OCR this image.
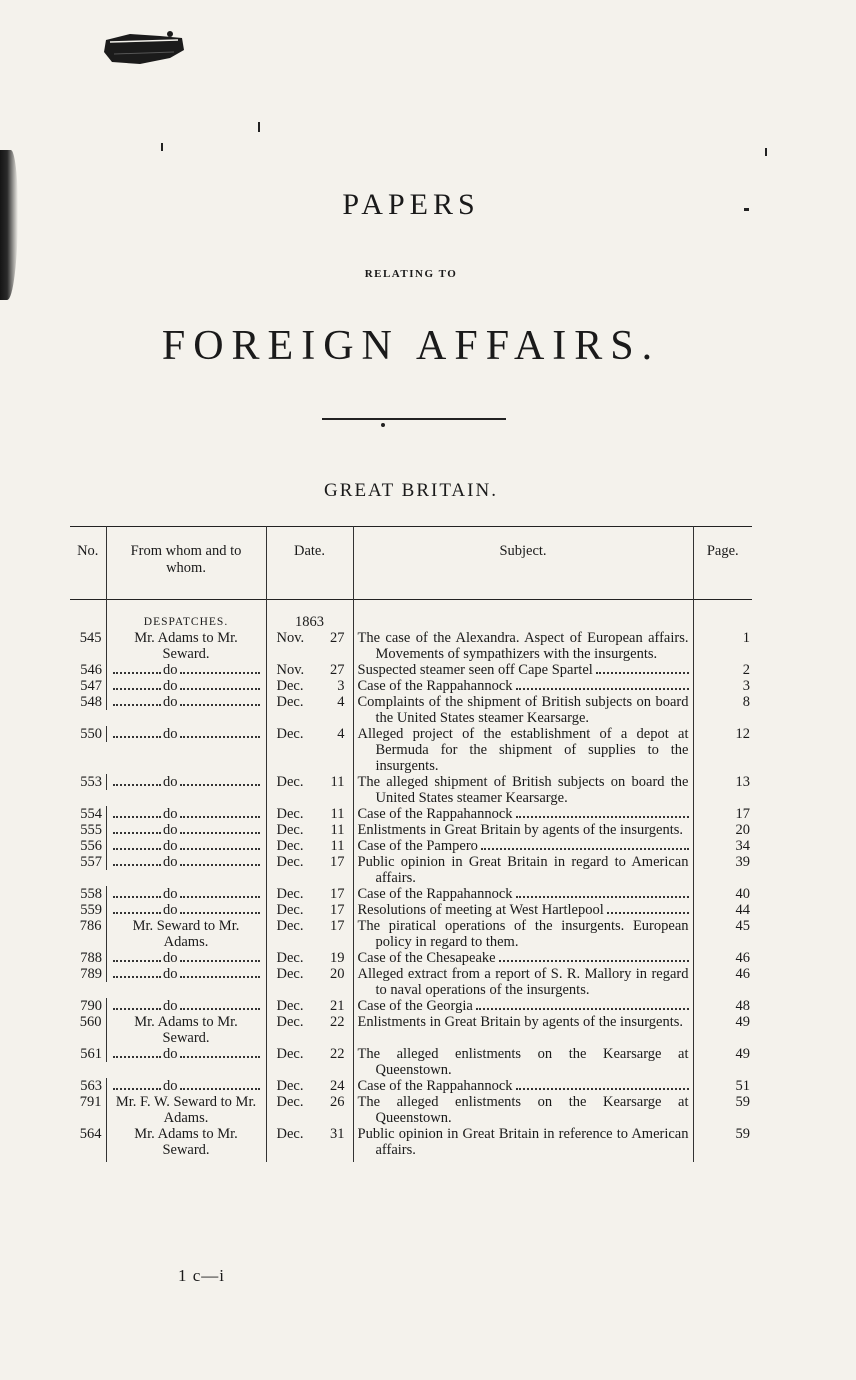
PAPERS
RELATING TO
FOREIGN AFFAIRS.
GREAT BRITAIN.
No.	From whom and to whom.	Date.	Subject.	Page.

	DESPATCHES.	1863		
545	Mr. Adams to Mr. Seward.	Nov. 27	The case of the Alexandra. Aspect of European affairs. Movements of sympathizers with the insurgents.	1
546		do	Nov. 27	Suspected steamer seen off Cape Spartel	2
547		do	Dec. 3	Case of the Rappahannock	3
548		do	Dec. 4	Complaints of the shipment of British subjects on board the United States steamer Kearsarge.	8
550		do	Dec. 4	Alleged project of the establishment of a depot at Bermuda for the shipment of supplies to the insurgents.	12
553		do	Dec. 11	The alleged shipment of British subjects on board the United States steamer Kearsarge.	13
554		do	Dec. 11	Case of the Rappahannock	17
555		do	Dec. 11	Enlistments in Great Britain by agents of the insurgents.	20
556		do	Dec. 11	Case of the Pampero	34
557		do	Dec. 17	Public opinion in Great Britain in regard to American affairs.	39
558		do	Dec. 17	Case of the Rappahannock	40
559		do	Dec. 17	Resolutions of meeting at West Hartlepool	44
786	Mr. Seward to Mr. Adams.	Dec. 17	The piratical operations of the insurgents. European policy in regard to them.	45
788		do	Dec. 19	Case of the Chesapeake	46
789		do	Dec. 20	Alleged extract from a report of S. R. Mallory in regard to naval operations of the insurgents.	46
790		do	Dec. 21	Case of the Georgia	48
560	Mr. Adams to Mr. Seward.	Dec. 22	Enlistments in Great Britain by agents of the insurgents.	49
561		do	Dec. 22	The alleged enlistments on the Kearsarge at Queenstown.	49
563		do	Dec. 24	Case of the Rappahannock	51
791	Mr. F. W. Seward to Mr. Adams.	Dec. 26	The alleged enlistments on the Kearsarge at Queenstown.	59
564	Mr. Adams to Mr. Seward.	Dec. 31	Public opinion in Great Britain in reference to American affairs.	59
1 c—i
